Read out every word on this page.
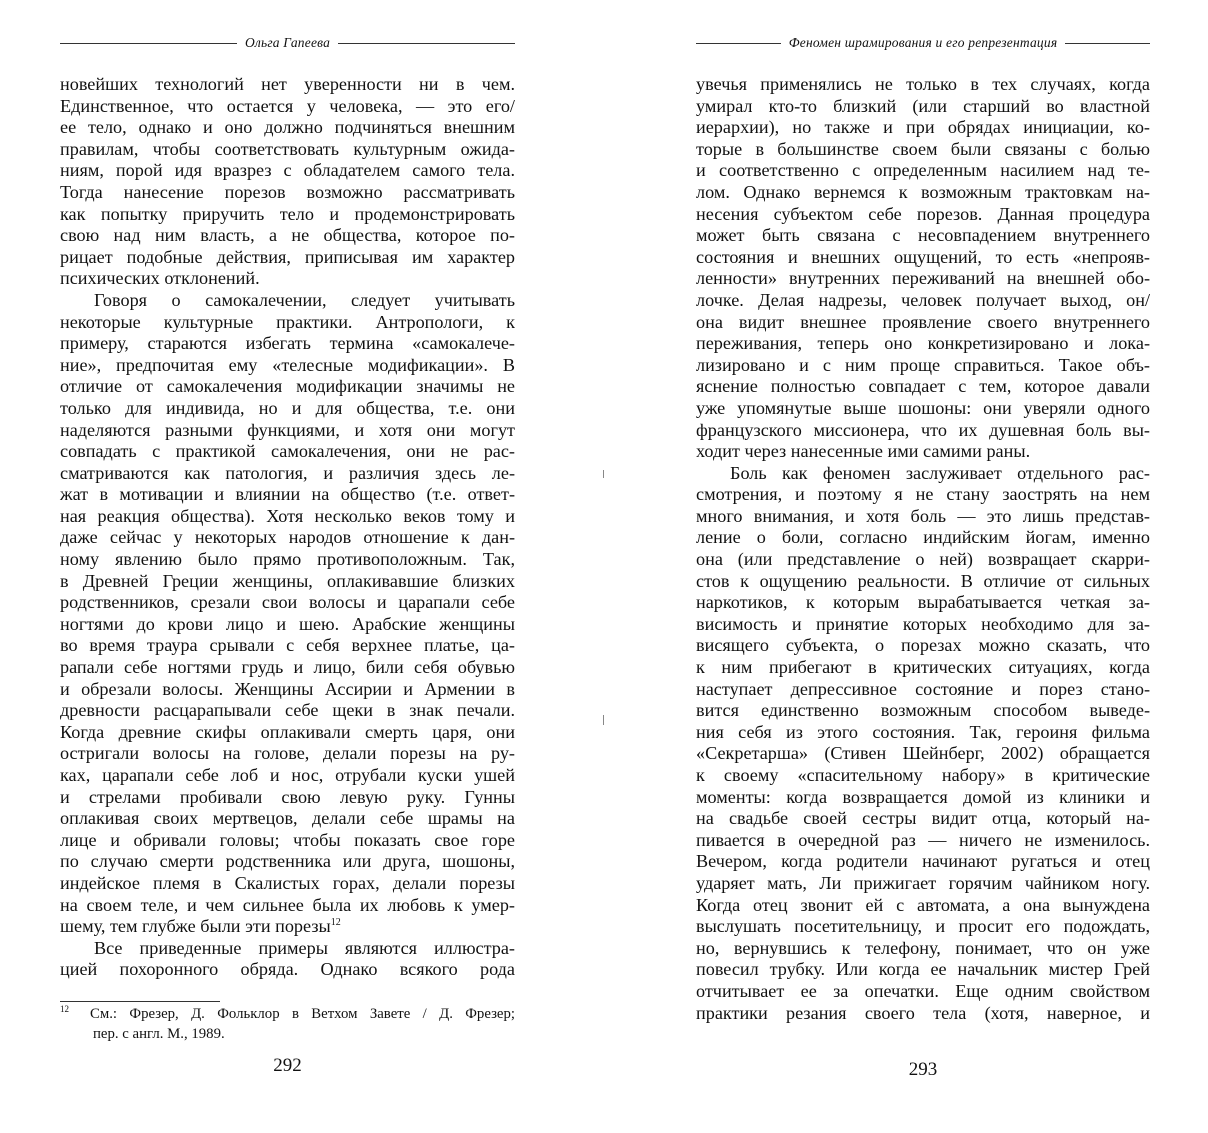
Ольга Гапеева
новейших технологий нет уверенности ни в чем.
Единственное, что остается у человека, — это его/
ее тело, однако и оно должно подчиняться внешним
правилам, чтобы соответствовать культурным ожида-
ниям, порой идя вразрез с обладателем самого тела.
Тогда нанесение порезов возможно рассматривать
как попытку приручить тело и продемонстрировать
свою над ним власть, а не общества, которое по-
рицает подобные действия, приписывая им характер
психических отклонений.
Говоря о самокалечении, следует учитывать
некоторые культурные практики. Антропологи, к
примеру, стараются избегать термина «самокалече-
ние», предпочитая ему «телесные модификации». В
отличие от самокалечения модификации значимы не
только для индивида, но и для общества, т.е. они
наделяются разными функциями, и хотя они могут
совпадать с практикой самокалечения, они не рас-
сматриваются как патология, и различия здесь ле-
жат в мотивации и влиянии на общество (т.е. ответ-
ная реакция общества). Хотя несколько веков тому и
даже сейчас у некоторых народов отношение к дан-
ному явлению было прямо противоположным. Так,
в Древней Греции женщины, оплакивавшие близких
родственников, срезали свои волосы и царапали себе
ногтями до крови лицо и шею. Арабские женщины
во время траура срывали с себя верхнее платье, ца-
рапали себе ногтями грудь и лицо, били себя обувью
и обрезали волосы. Женщины Ассирии и Армении в
древности расцарапывали себе щеки в знак печали.
Когда древние скифы оплакивали смерть царя, они
остригали волосы на голове, делали порезы на ру-
ках, царапали себе лоб и нос, отрубали куски ушей
и стрелами пробивали свою левую руку. Гунны
оплакивая своих мертвецов, делали себе шрамы на
лице и обривали головы; чтобы показать свое горе
по случаю смерти родственника или друга, шошоны,
индейское племя в Скалистых горах, делали порезы
на своем теле, и чем сильнее была их любовь к умер-
шему, тем глубже были эти порезы$^{12}$
Все приведенные примеры являются иллюстра-
цией похоронного обряда. Однако всякого рода
12 См.: Фрезер, Д. Фольклор в Ветхом Завете / Д. Фрезер;
пер. с англ. М., 1989.
292
Феномен шрамирования и его репрезентация
увечья применялись не только в тех случаях, когда
умирал кто-то близкий (или старший во властной
иерархии), но также и при обрядах инициации, ко-
торые в большинстве своем были связаны с болью
и соответственно с определенным насилием над те-
лом. Однако вернемся к возможным трактовкам на-
несения субъектом себе порезов. Данная процедура
может быть связана с несовпадением внутреннего
состояния и внешних ощущений, то есть «непрояв-
ленности» внутренних переживаний на внешней обо-
лочке. Делая надрезы, человек получает выход, он/
она видит внешнее проявление своего внутреннего
переживания, теперь оно конкретизировано и лока-
лизировано и с ним проще справиться. Такое объ-
яснение полностью совпадает с тем, которое давали
уже упомянутые выше шошоны: они уверяли одного
французского миссионера, что их душевная боль вы-
ходит через нанесенные ими самими раны.
Боль как феномен заслуживает отдельного рас-
смотрения, и поэтому я не стану заострять на нем
много внимания, и хотя боль — это лишь представ-
ление о боли, согласно индийским йогам, именно
она (или представление о ней) возвращает скарри-
стов к ощущению реальности. В отличие от сильных
наркотиков, к которым вырабатывается четкая за-
висимость и принятие которых необходимо для за-
висящего субъекта, о порезах можно сказать, что
к ним прибегают в критических ситуациях, когда
наступает депрессивное состояние и порез стано-
вится единственно возможным способом выведе-
ния себя из этого состояния. Так, героиня фильма
«Секретарша» (Стивен Шейнберг, 2002) обращается
к своему «спасительному набору» в критические
моменты: когда возвращается домой из клиники и
на свадьбе своей сестры видит отца, который на-
пивается в очередной раз — ничего не изменилось.
Вечером, когда родители начинают ругаться и отец
ударяет мать, Ли прижигает горячим чайником ногу.
Когда отец звонит ей с автомата, а она вынуждена
выслушать посетительницу, и просит его подождать,
но, вернувшись к телефону, понимает, что он уже
повесил трубку. Или когда ее начальник мистер Грей
отчитывает ее за опечатки. Еще одним свойством
практики резания своего тела (хотя, наверное, и
293
